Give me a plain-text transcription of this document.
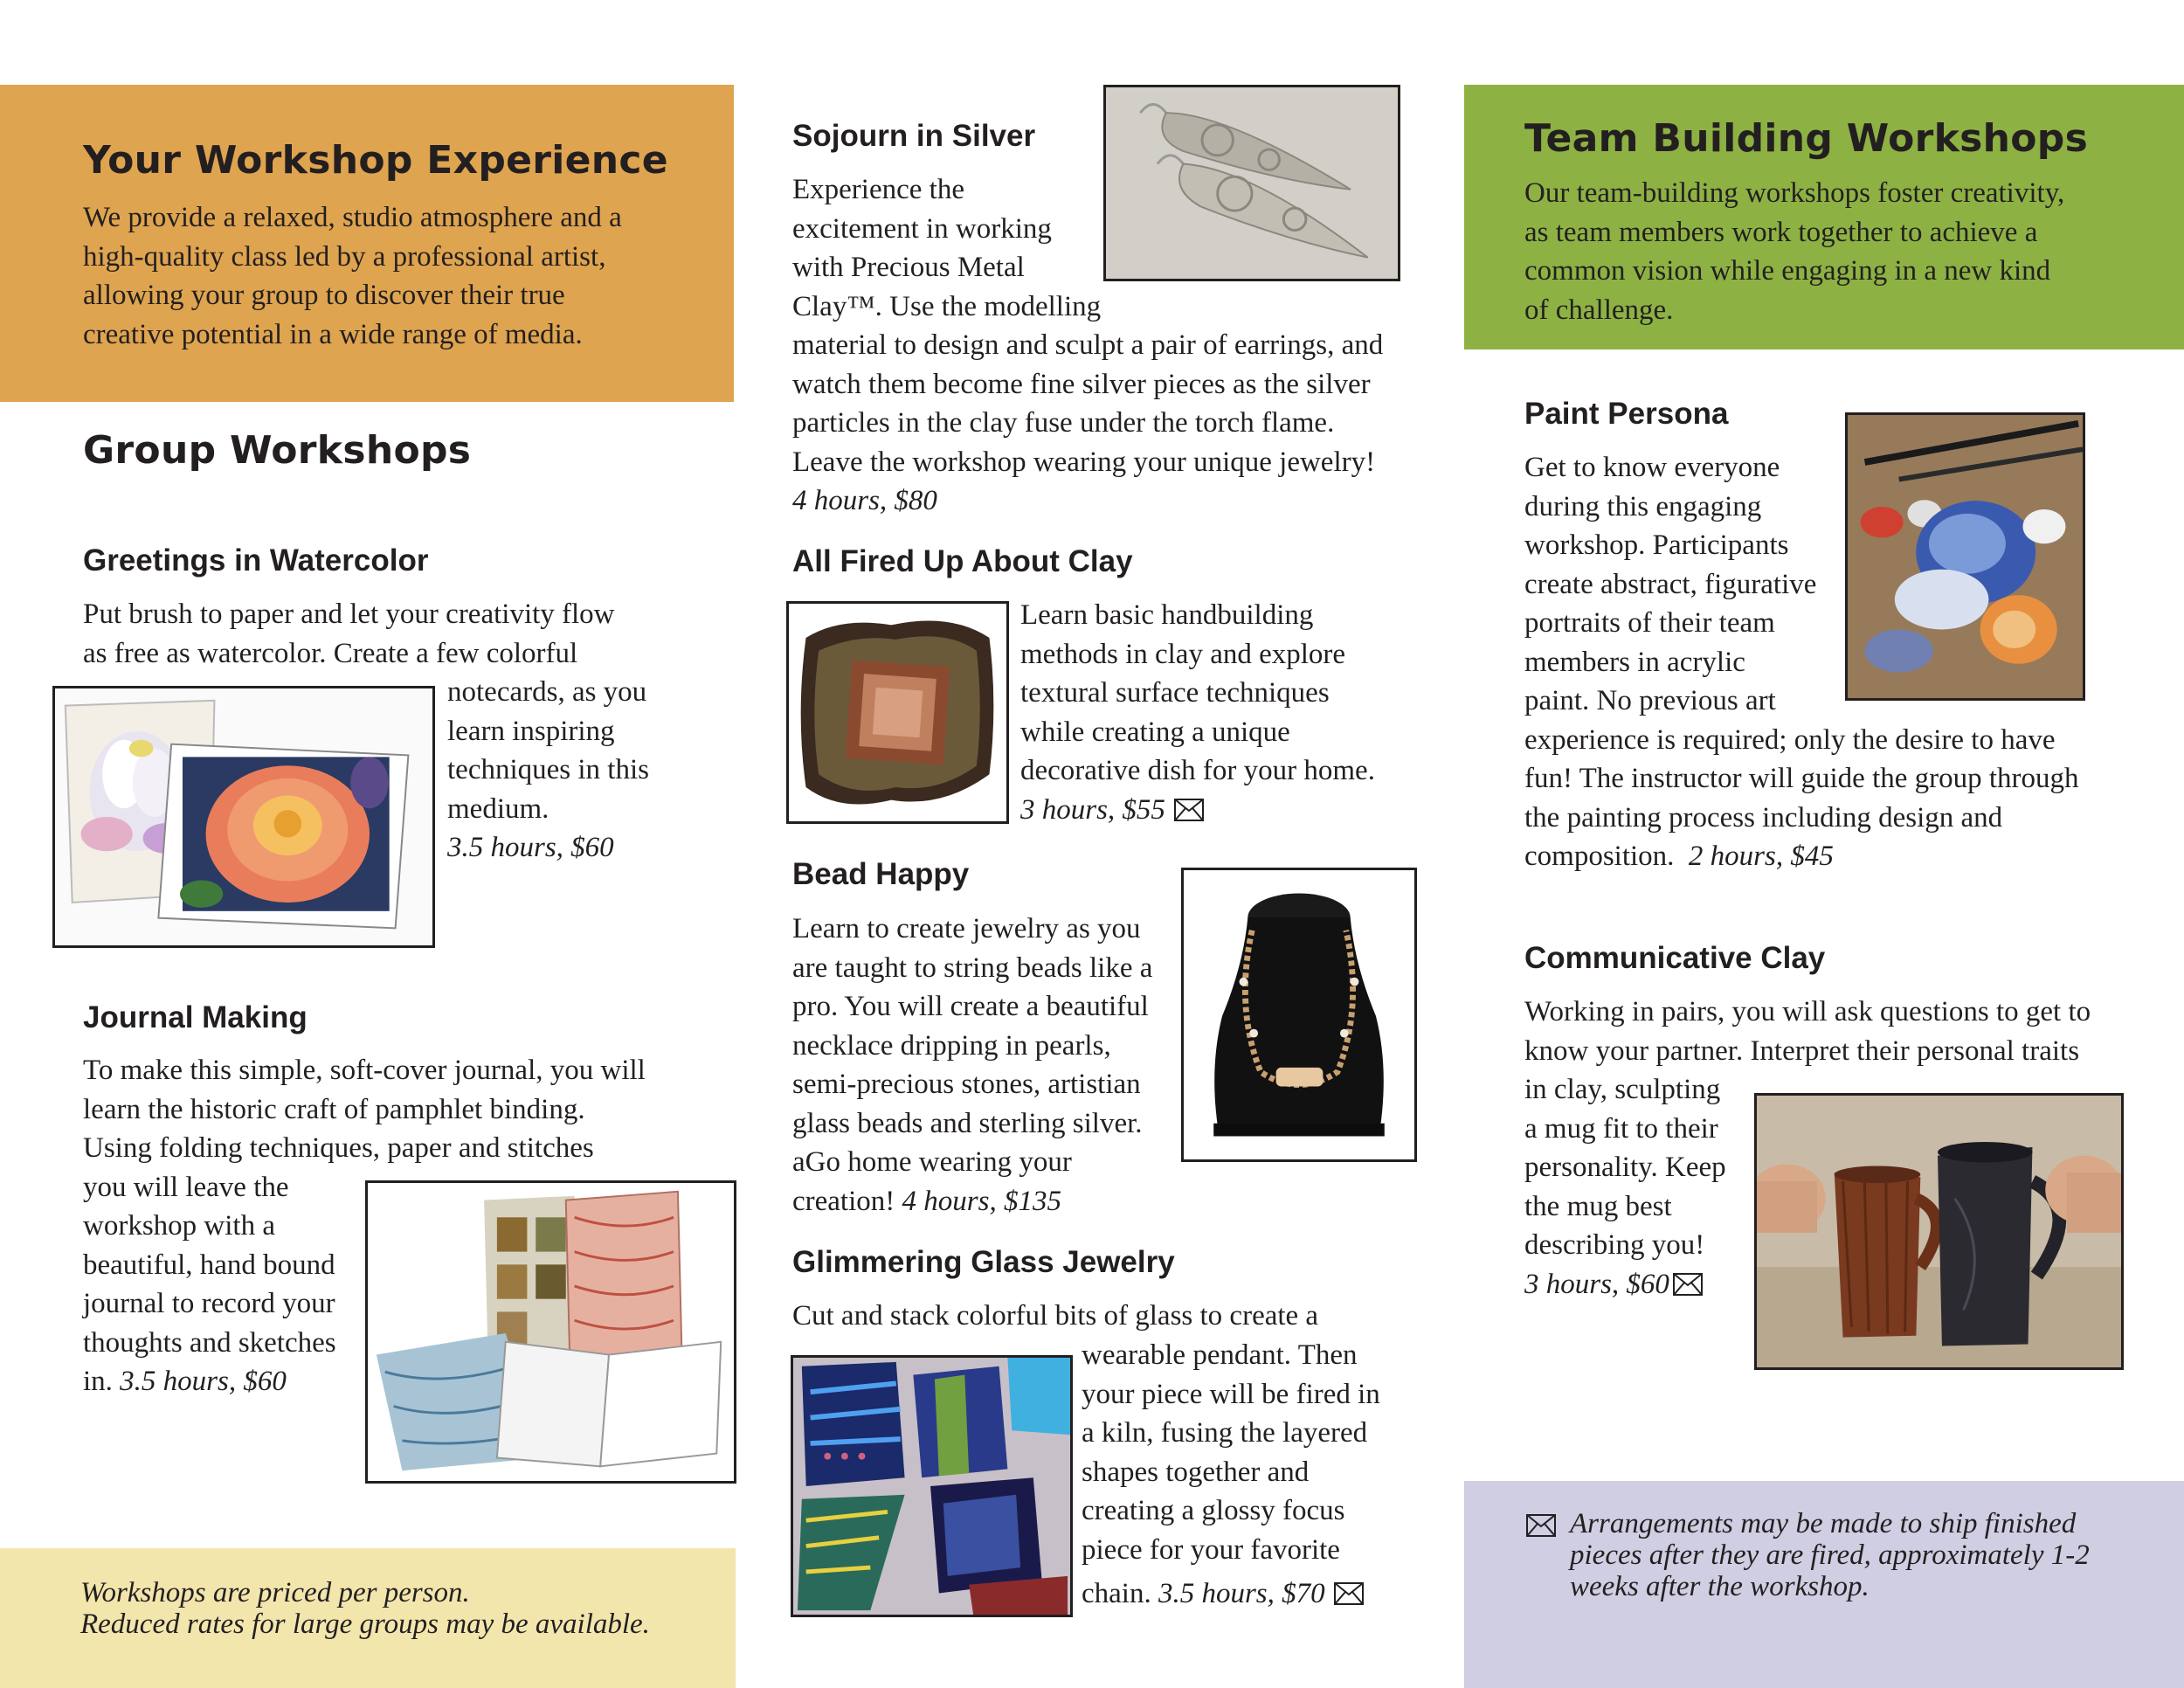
Your Workshop Experience
We provide a relaxed, studio atmosphere and a
high-quality class led by a professional artist,
allowing your group to discover their true
creative potential in a wide range of media.
Group Workshops
Greetings in Watercolor
Put brush to paper and let your creativity flow
as free as watercolor. Create a few colorful
notecards, as you
learn inspiring
techniques in this
medium.
3.5 hours, $60
Journal Making
To make this simple, soft-cover journal, you will
learn the historic craft of pamphlet binding.
Using folding techniques, paper and stitches
you will leave the
workshop with a
beautiful, hand bound
journal to record your
thoughts and sketches
in. 3.5 hours, $60
Workshops are priced per person.
Reduced rates for large groups may be available.
Sojourn in Silver
Experience the
excitement in working
with Precious Metal
Clay™. Use the modelling
material to design and sculpt a pair of earrings, and
watch them become fine silver pieces as the silver
particles in the clay fuse under the torch flame.
Leave the workshop wearing your unique jewelry!
4 hours, $80
All Fired Up About Clay
Learn basic handbuilding
methods in clay and explore
textural surface techniques
while creating a unique
decorative dish for your home.
3 hours, $55
Bead Happy
Learn to create jewelry as you
are taught to string beads like a
pro. You will create a beautiful
necklace dripping in pearls,
semi-precious stones, artistian
glass beads and sterling silver.
aGo home wearing your
creation! 4 hours, $135
Glimmering Glass Jewelry
Cut and stack colorful bits of glass to create a
wearable pendant. Then
your piece will be fired in
a kiln, fusing the layered
shapes together and
creating a glossy focus
piece for your favorite
chain. 3.5 hours, $70
Team Building Workshops
Our team-building workshops foster creativity,
as team members work together to achieve a
common vision while engaging in a new kind
of challenge.
Paint Persona
Get to know everyone
during this engaging
workshop. Participants
create abstract, figurative
portraits of their team
members in acrylic
paint. No previous art
experience is required; only the desire to have
fun! The instructor will guide the group through
the painting process including design and
composition. 2 hours, $45
Communicative Clay
Working in pairs, you will ask questions to get to
know your partner. Interpret their personal traits
in clay, sculpting
a mug fit to their
personality. Keep
the mug best
describing you!
3 hours, $60
Arrangements may be made to ship finished
pieces after they are fired, approximately 1-2
weeks after the workshop.
